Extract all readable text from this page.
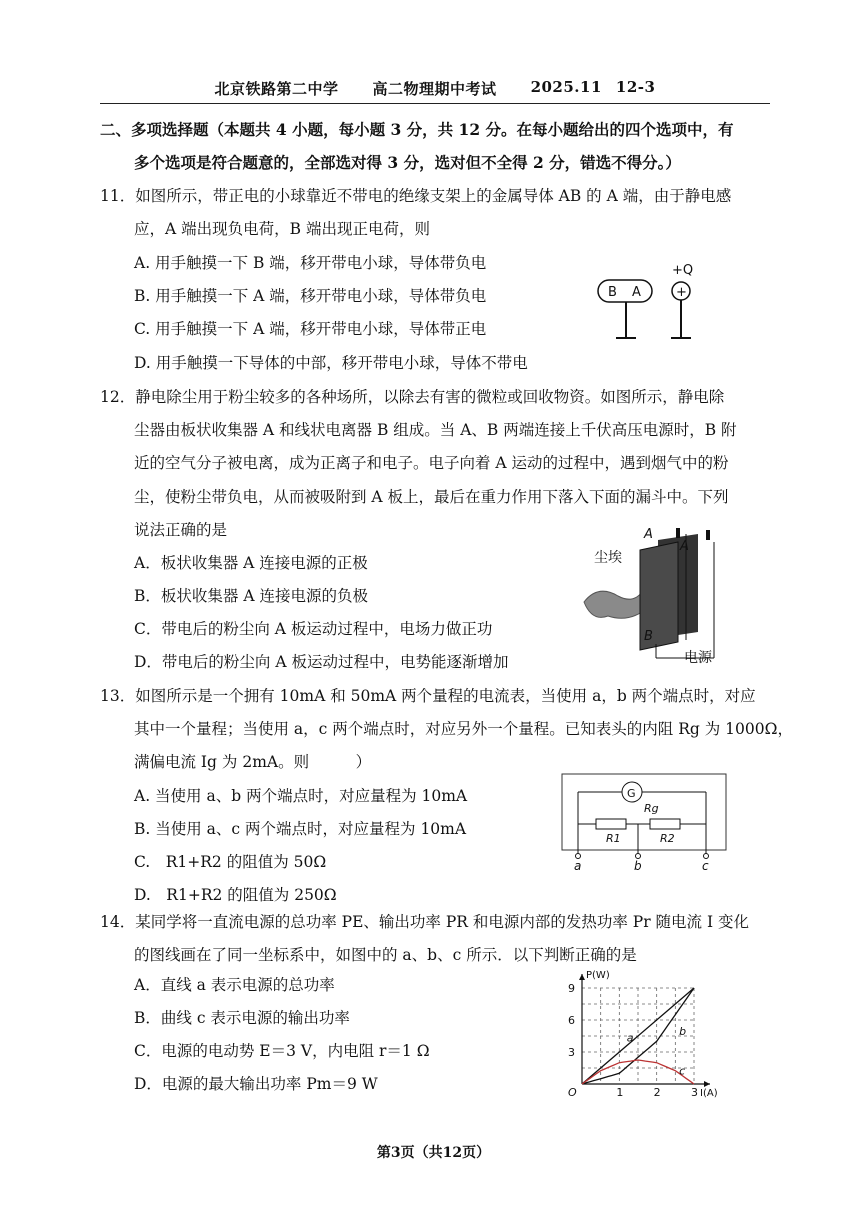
北京铁路第二中学 高二物理期中考试 2025.11 12-3
二、多项选择题（本题共 4 小题，每小题 3 分，共 12 分。在每小题给出的四个选项中，有
多个选项是符合题意的，全部选对得 3 分，选对但不全得 2 分，错选不得分。）
11．如图所示，带正电的小球靠近不带电的绝缘支架上的金属导体 AB 的 A 端，由于静电感
应，A 端出现负电荷，B 端出现正电荷，则
A. 用手触摸一下 B 端，移开带电小球，导体带负电
B. 用手触摸一下 A 端，移开带电小球，导体带负电
C. 用手触摸一下 A 端，移开带电小球，导体带正电
D. 用手触摸一下导体的中部，移开带电小球，导体不带电
B A
+Q
+
12．静电除尘用于粉尘较多的各种场所，以除去有害的微粒或回收物资。如图所示，静电除
尘器由板状收集器 A 和线状电离器 B 组成。当 A、B 两端连接上千伏高压电源时，B 附
近的空气分子被电离，成为正离子和电子。电子向着 A 运动的过程中，遇到烟气中的粉
尘，使粉尘带负电，从而被吸附到 A 板上，最后在重力作用下落入下面的漏斗中。下列
说法正确的是
A．板状收集器 A 连接电源的正极
B．板状收集器 A 连接电源的负极
C．带电后的粉尘向 A 板运动过程中，电场力做正功
D．带电后的粉尘向 A 板运动过程中，电势能逐渐增加
尘埃
A
A
B
电源
13．如图所示是一个拥有 10mA 和 50mA 两个量程的电流表，当使用 a，b 两个端点时，对应
其中一个量程；当使用 a，c 两个端点时，对应另外一个量程。已知表头的内阻 Rg 为 1000Ω，
满偏电流 Ig 为 2mA。则　　　）
A. 当使用 a、b 两个端点时，对应量程为 10mA
B. 当使用 a、c 两个端点时，对应量程为 10mA
C.　R1+R2 的阻值为 50Ω
D.　R1+R2 的阻值为 250Ω
G
Rg
R1	R2
a	b	c
14．某同学将一直流电源的总功率 PE、输出功率 PR 和电源内部的发热功率 Pr 随电流 I 变化
的图线画在了同一坐标系中，如图中的 a、b、c 所示．以下判断正确的是
A．直线 a 表示电源的总功率
B．曲线 c 表示电源的输出功率
C．电源的电动势 E＝3 V，内电阻 r＝1 Ω
D．电源的最大输出功率 Pm＝9 W
P(W)
I(A)
O	1	2	3
3
6
9
a	b
c
第3页（共12页）
